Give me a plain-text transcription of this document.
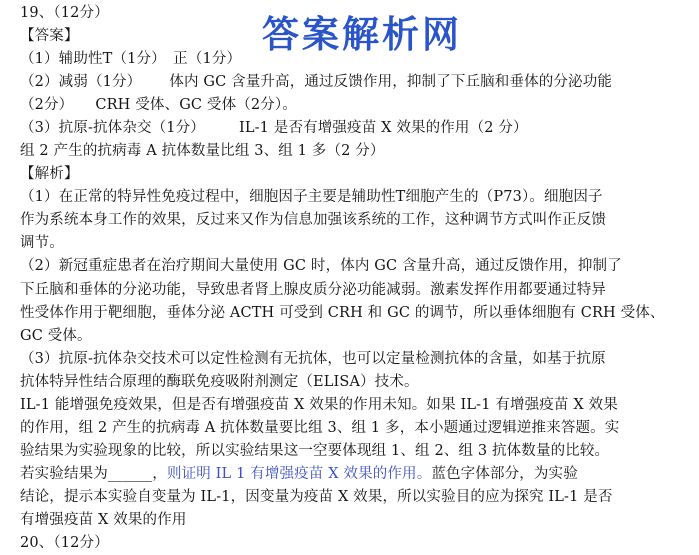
答案解析网
19、（12分）
【答案】
（1）辅助性T（1分）　正（1分）
（2）减弱（1分） 体内 GC 含量升高，通过反馈作用，抑制了下丘脑和垂体的分泌功能
（2分）　　CRH 受体、GC 受体（2分）。
（3）抗原-抗体杂交（1分） IL-1 是否有增强疫苗 X 效果的作用（2 分）
组 2 产生的抗病毒 A 抗体数量比组 3、组 1 多（2 分）
【解析】
（1）在正常的特异性免疫过程中，细胞因子主要是辅助性T细胞产生的（P73）。细胞因子
作为系统本身工作的效果，反过来又作为信息加强该系统的工作，这种调节方式叫作正反馈
调节。
（2）新冠重症患者在治疗期间大量使用 GC 时，体内 GC 含量升高，通过反馈作用，抑制了
下丘脑和垂体的分泌功能，导致患者肾上腺皮质分泌功能减弱。激素发挥作用都要通过特异
性受体作用于靶细胞，垂体分泌 ACTH 可受到 CRH 和 GC 的调节，所以垂体细胞有 CRH 受体、
GC 受体。
（3）抗原-抗体杂交技术可以定性检测有无抗体，也可以定量检测抗体的含量，如基于抗原
抗体特异性结合原理的酶联免疫吸附剂测定（ELISA）技术。
IL-1 能增强免疫效果，但是否有增强疫苗 X 效果的作用未知。如果 IL-1 有增强疫苗 X 效果
的作用，组 2 产生的抗病毒 A 抗体数量要比组 3、组 1 多，本小题通过逻辑逆推来答题。实
验结果为实验现象的比较，所以实验结果这一空要体现组 1、组 2、组 3 抗体数量的比较。
若实验结果为______，则证明 IL 1 有增强疫苗 X 效果的作用。蓝色字体部分，为实验
结论，提示本实验自变量为 IL-1，因变量为疫苗 X 效果，所以实验目的应为探究 IL-1 是否
有增强疫苗 X 效果的作用
20、（12分）
